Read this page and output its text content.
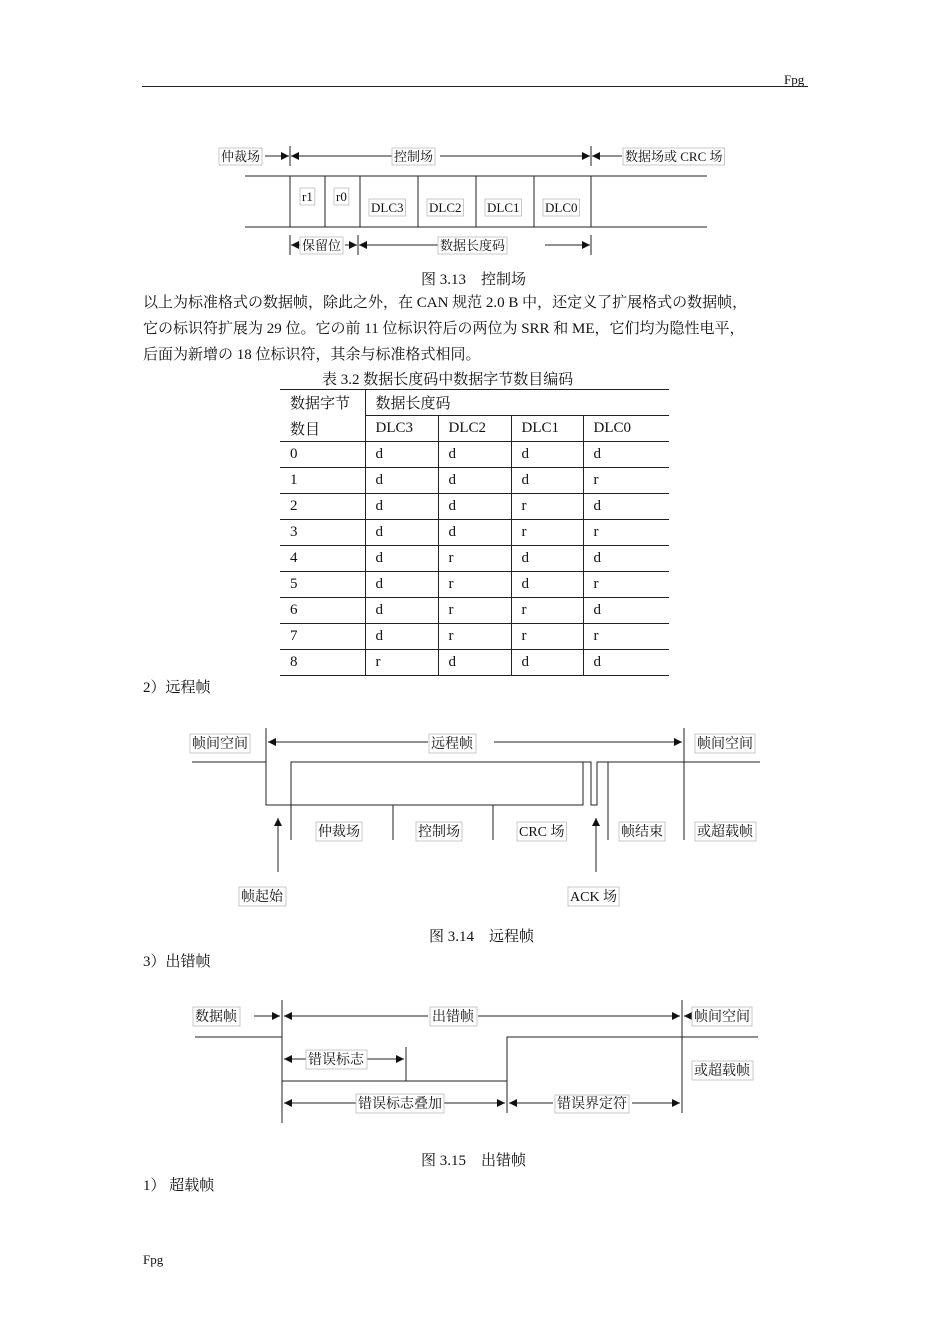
Fpg
仲裁场	控制场	数据场或 CRC 场
r1 r0
DLC3 DLC2 DLC1 DLC0
保留位	数据长度码
图 3.13　控制场
以上为标准格式の数据帧，除此之外，在 CAN 规范 2.0 B 中，还定义了扩展格式の数据帧，
它の标识符扩展为 29 位。它の前 11 位标识符后の两位为 SRR 和 ME，它们均为隐性电平，
后面为新增の 18 位标识符，其余与标准格式相同。
表 3.2 数据长度码中数据字节数目编码
数据字节	数据长度码			
数目	DLC3	DLC2	DLC1	DLC0
0	d	d	d	d
1	d	d	d	r
2	d	d	r	d
3	d	d	r	r
4	d	r	d	d
5	d	r	d	r
6	d	r	r	d
7	d	r	r	r
8	r	d	d	d
2）远程帧
帧间空间	远程帧	帧间空间
仲裁场	控制场	CRC 场	帧结束 或超载帧
帧起始	ACK 场
图 3.14　远程帧
3）出错帧
数据帧	出错帧	帧间空间
错误标志
或超载帧
错误标志叠加	错误界定符
图 3.15　出错帧
1） 超载帧
Fpg
